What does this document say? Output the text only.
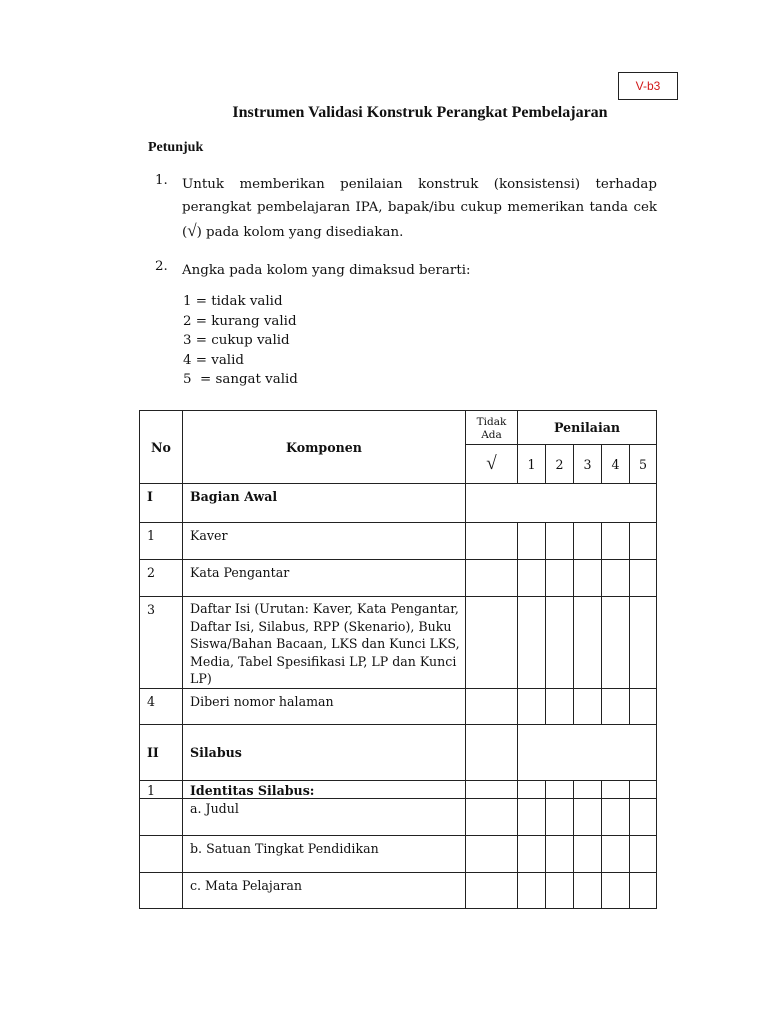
V-b3
Instrumen Validasi Konstruk Perangkat Pembelajaran
Petunjuk
1. Untuk memberikan penilaian konstruk (konsistensi) terhadap perangkat pembelajaran IPA, bapak/ibu cukup memerikan tanda cek (√) pada kolom yang disediakan.
2. Angka pada kolom yang dimaksud berarti:
1 = tidak valid
2 = kurang valid
3 = cukup valid
4 = valid
5  = sangat valid
No	Komponen	Tidak Ada	Penilaian				
		√	1	2	3	4	5
I	Bagian Awal						
1	Kaver						
2	Kata Pengantar						
3	Daftar Isi (Urutan: Kaver, Kata Pengantar, Daftar Isi, Silabus, RPP (Skenario), Buku Siswa/Bahan Bacaan, LKS dan Kunci LKS, Media, Tabel Spesifikasi LP, LP dan Kunci LP)						
4	Diberi nomor halaman						
II	Silabus						
1	Identitas Silabus:						
	a. Judul						
	b. Satuan Tingkat Pendidikan						
	c. Mata Pelajaran						
